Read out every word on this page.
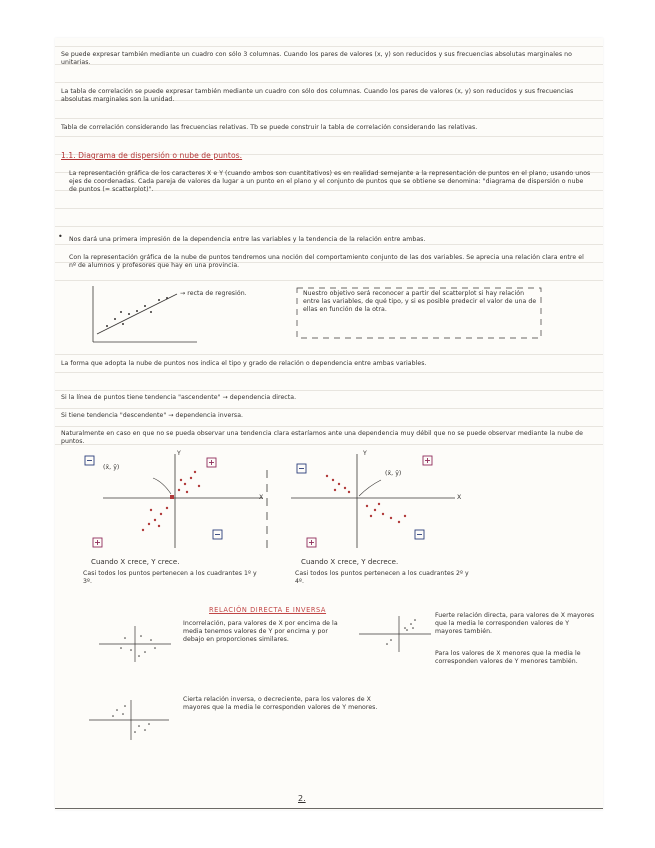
Se puede expresar también mediante un cuadro con sólo 3 columnas. Cuando los pares de valores (x, y) son reducidos y sus frecuencias absolutas marginales no unitarias.
La tabla de correlación se puede expresar también mediante un cuadro con sólo dos columnas. Cuando los pares de valores (x, y) son reducidos y sus frecuencias absolutas marginales son la unidad.
Tabla de correlación considerando las frecuencias relativas. Tb se puede construir la tabla de correlación considerando las relativas.
1.1. Diagrama de dispersión o nube de puntos.
La representación gráfica de los caracteres X e Y (cuando ambos son cuantitativos) es en realidad semejante a la representación de puntos en el plano, usando unos ejes de coordenadas. Cada pareja de valores da lugar a un punto en el plano y el conjunto de puntos que se obtiene se denomina: "diagrama de dispersión o nube de puntos (= scatterplot)".
• Nos dará una primera impresión de la dependencia entre las variables y la tendencia de la relación entre ambas.
Con la representación gráfica de la nube de puntos tendremos una noción del comportamiento conjunto de las dos variables. Se aprecia una relación clara entre el nº de alumnos y profesores que hay en una provincia.
→ recta de regresión.	Nuestro objetivo será reconocer a partir del scatterplot si hay relación entre las variables, de qué tipo, y si es posible predecir el valor de una de ellas en función de la otra.
La forma que adopta la nube de puntos nos indica el tipo y grado de relación o dependencia entre ambas variables.
Si la línea de puntos tiene tendencia "ascendente" → dependencia directa.
Si tiene tendencia "descendente" → dependencia inversa.
Naturalmente en caso en que no se pueda observar una tendencia clara estaríamos ante una dependencia muy débil que no se puede observar mediante la nube de puntos.
(x̄, ȳ)
Y
X
(x̄, ȳ)
Y
X
Cuando X crece, Y crece.
Casi todos los puntos pertenecen a los cuadrantes 1º y 3º.
Cuando X crece, Y decrece.
Casi todos los puntos pertenecen a los cuadrantes 2º y 4º.
RELACIÓN DIRECTA E INVERSA
Incorrelación, para valores de X por encima de la media tenemos valores de Y por encima y por debajo en proporciones similares.
Fuerte relación directa, para valores de X mayores que la media le corresponden valores de Y mayores también.
Para los valores de X menores que la media le corresponden valores de Y menores también.
Cierta relación inversa, o decreciente, para los valores de X mayores que la media le corresponden valores de Y menores.
2.
